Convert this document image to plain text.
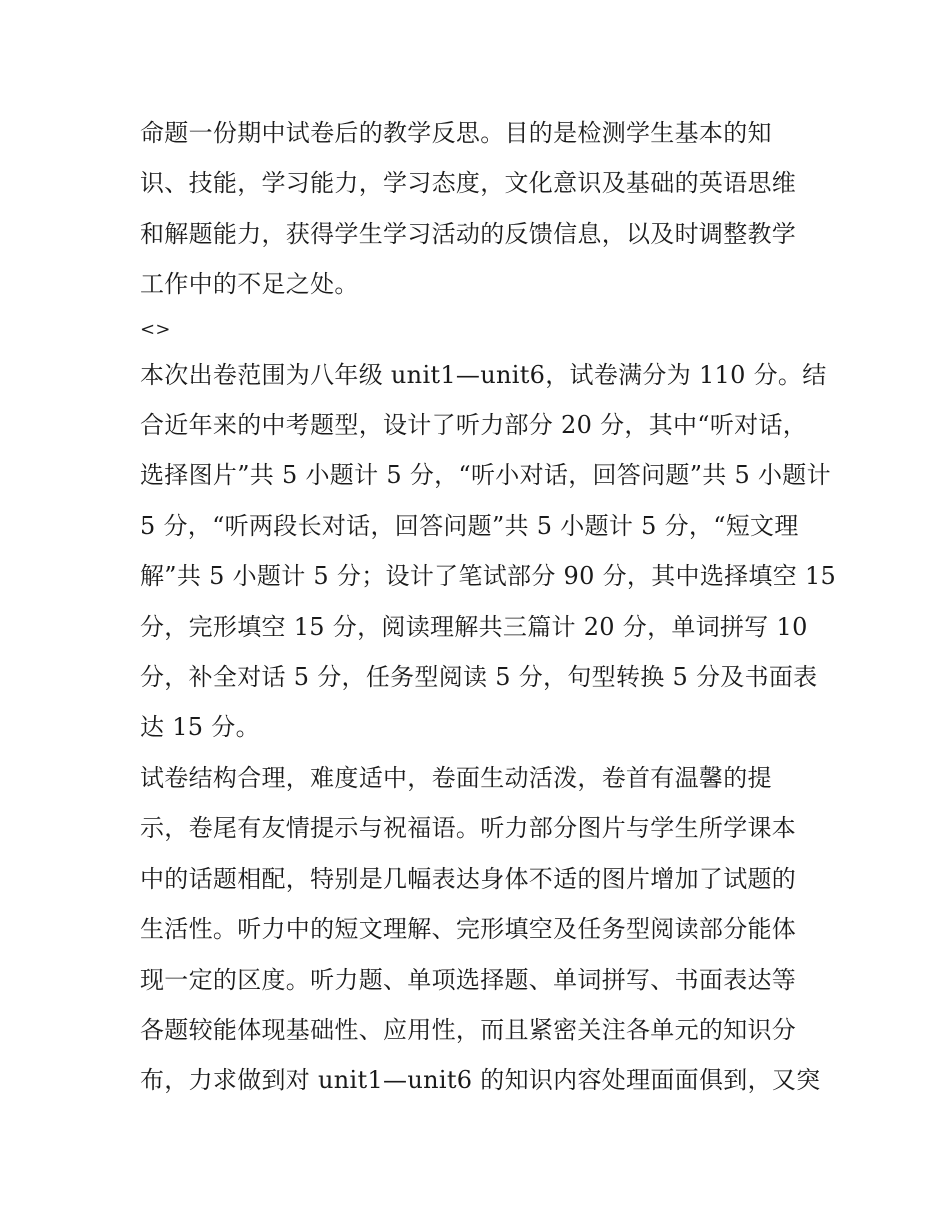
命题一份期中试卷后的教学反思。目的是检测学生基本的知
识、技能，学习能力，学习态度，文化意识及基础的英语思维
和解题能力，获得学生学习活动的反馈信息，以及时调整教学
工作中的不足之处。

<>

本次出卷范围为八年级 unit1—unit6，试卷满分为 110 分。结
合近年来的中考题型，设计了听力部分 20 分，其中“听对话，
选择图片”共 5 小题计 5 分，“听小对话，回答问题”共 5 小题计
5 分，“听两段长对话，回答问题”共 5 小题计 5 分，“短文理
解”共 5 小题计 5 分；设计了笔试部分 90 分，其中选择填空 15
分，完形填空 15 分，阅读理解共三篇计 20 分，单词拼写 10
分，补全对话 5 分，任务型阅读 5 分，句型转换 5 分及书面表
达 15 分。

试卷结构合理，难度适中，卷面生动活泼，卷首有温馨的提
示，卷尾有友情提示与祝福语。听力部分图片与学生所学课本
中的话题相配，特别是几幅表达身体不适的图片增加了试题的
生活性。听力中的短文理解、完形填空及任务型阅读部分能体
现一定的区度。听力题、单项选择题、单词拼写、书面表达等
各题较能体现基础性、应用性，而且紧密关注各单元的知识分
布，力求做到对 unit1—unit6 的知识内容处理面面俱到，又突
